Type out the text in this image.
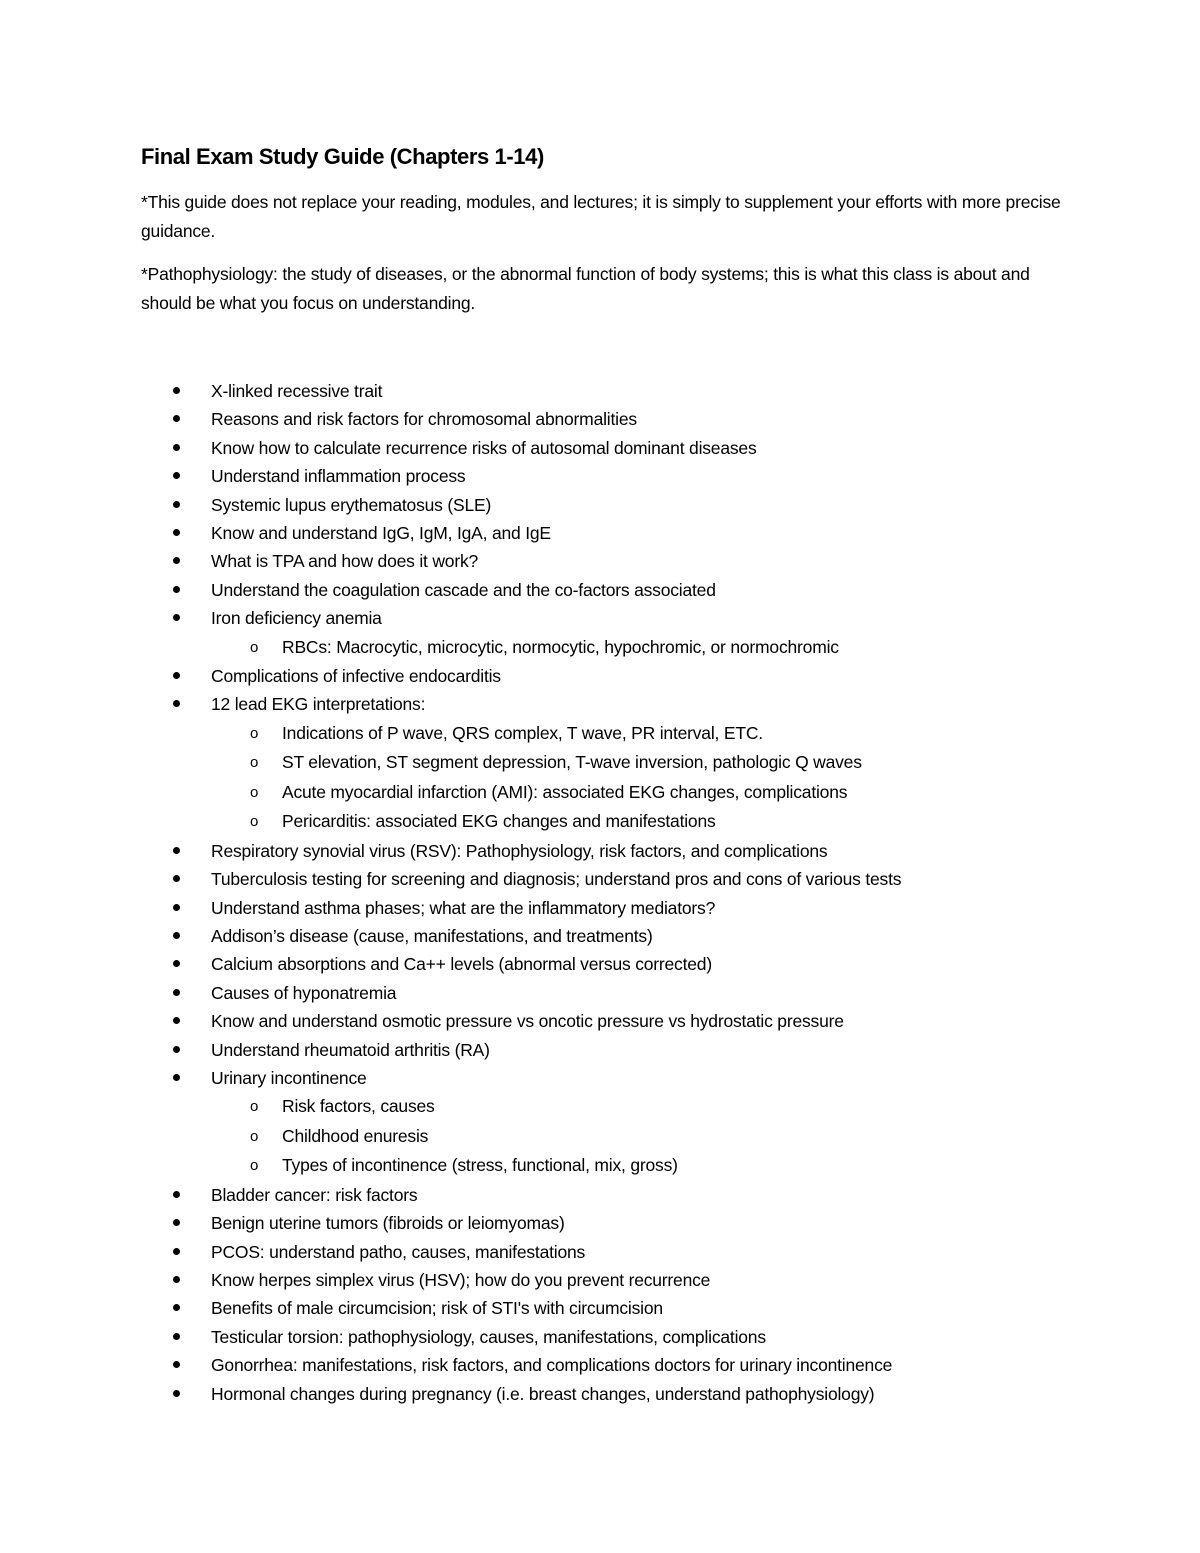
Final Exam Study Guide (Chapters 1-14)
*This guide does not replace your reading, modules, and lectures; it is simply to supplement your efforts with more precise guidance.
*Pathophysiology: the study of diseases, or the abnormal function of body systems; this is what this class is about and should be what you focus on understanding.
X-linked recessive trait
Reasons and risk factors for chromosomal abnormalities
Know how to calculate recurrence risks of autosomal dominant diseases
Understand inflammation process
Systemic lupus erythematosus (SLE)
Know and understand IgG, IgM, IgA, and IgE
What is TPA and how does it work?
Understand the coagulation cascade and the co-factors associated
Iron deficiency anemia
o RBCs: Macrocytic, microcytic, normocytic, hypochromic, or normochromic
Complications of infective endocarditis
12 lead EKG interpretations:
o Indications of P wave, QRS complex, T wave, PR interval, ETC.
o ST elevation, ST segment depression, T-wave inversion, pathologic Q waves
o Acute myocardial infarction (AMI): associated EKG changes, complications
o Pericarditis: associated EKG changes and manifestations
Respiratory synovial virus (RSV): Pathophysiology, risk factors, and complications
Tuberculosis testing for screening and diagnosis; understand pros and cons of various tests
Understand asthma phases; what are the inflammatory mediators?
Addison’s disease (cause, manifestations, and treatments)
Calcium absorptions and Ca++ levels (abnormal versus corrected)
Causes of hyponatremia
Know and understand osmotic pressure vs oncotic pressure vs hydrostatic pressure
Understand rheumatoid arthritis (RA)
Urinary incontinence
o Risk factors, causes
o Childhood enuresis
o Types of incontinence (stress, functional, mix, gross)
Bladder cancer: risk factors
Benign uterine tumors (fibroids or leiomyomas)
PCOS: understand patho, causes, manifestations
Know herpes simplex virus (HSV); how do you prevent recurrence
Benefits of male circumcision; risk of STI's with circumcision
Testicular torsion: pathophysiology, causes, manifestations, complications
Gonorrhea: manifestations, risk factors, and complications doctors for urinary incontinence
Hormonal changes during pregnancy (i.e. breast changes, understand pathophysiology)
